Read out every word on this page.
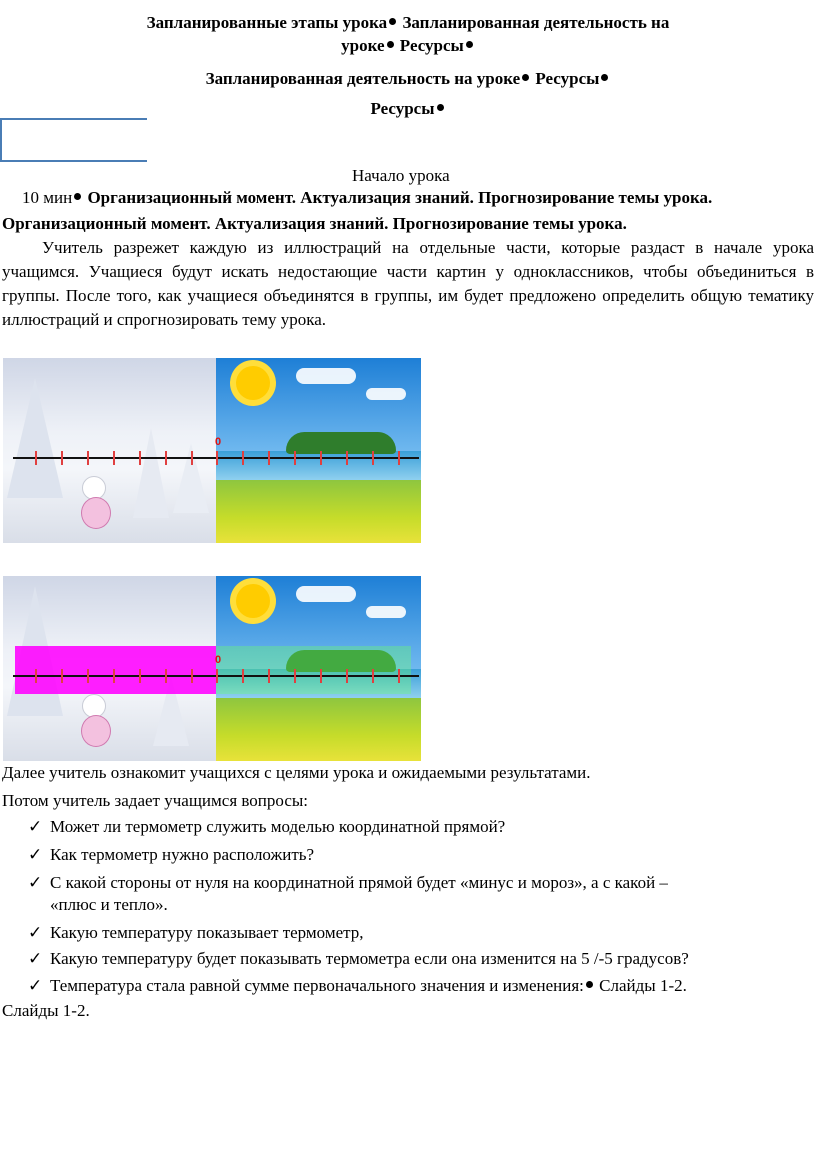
Запланированные этапы урока Запланированная деятельность на
уроке Ресурсы
Запланированная деятельность на уроке Ресурсы
Ресурсы
Начало урока
10 мин Организационный момент. Актуализация знаний. Прогнозирование темы урока.
Организационный момент. Актуализация знаний. Прогнозирование темы урока.
Учитель разрежет каждую из иллюстраций на отдельные части, которые раздаст в начале урока учащимся. Учащиеся будут искать недостающие части картин у одноклассников, чтобы объединиться в группы. После того, как учащиеся объединятся в группы, им будет предложено определить общую тематику иллюстраций и спрогнозировать тему урока.
0
0
Далее учитель ознакомит учащихся с целями урока и ожидаемыми результатами.
Потом учитель задает учащимся вопросы:
✓ Может ли термометр служить моделью координатной прямой?
✓ Как термометр нужно расположить?
✓ С какой стороны от нуля на координатной прямой будет «минус и мороз», а с какой –
«плюс и тепло».
✓ Какую температуру показывает термометр,
✓ Какую температуру будет показывать термометра если она изменится на 5 /-5 градусов?
✓ Температура стала равной сумме первоначального значения и изменения: Слайды 1-2.
Слайды 1-2.
